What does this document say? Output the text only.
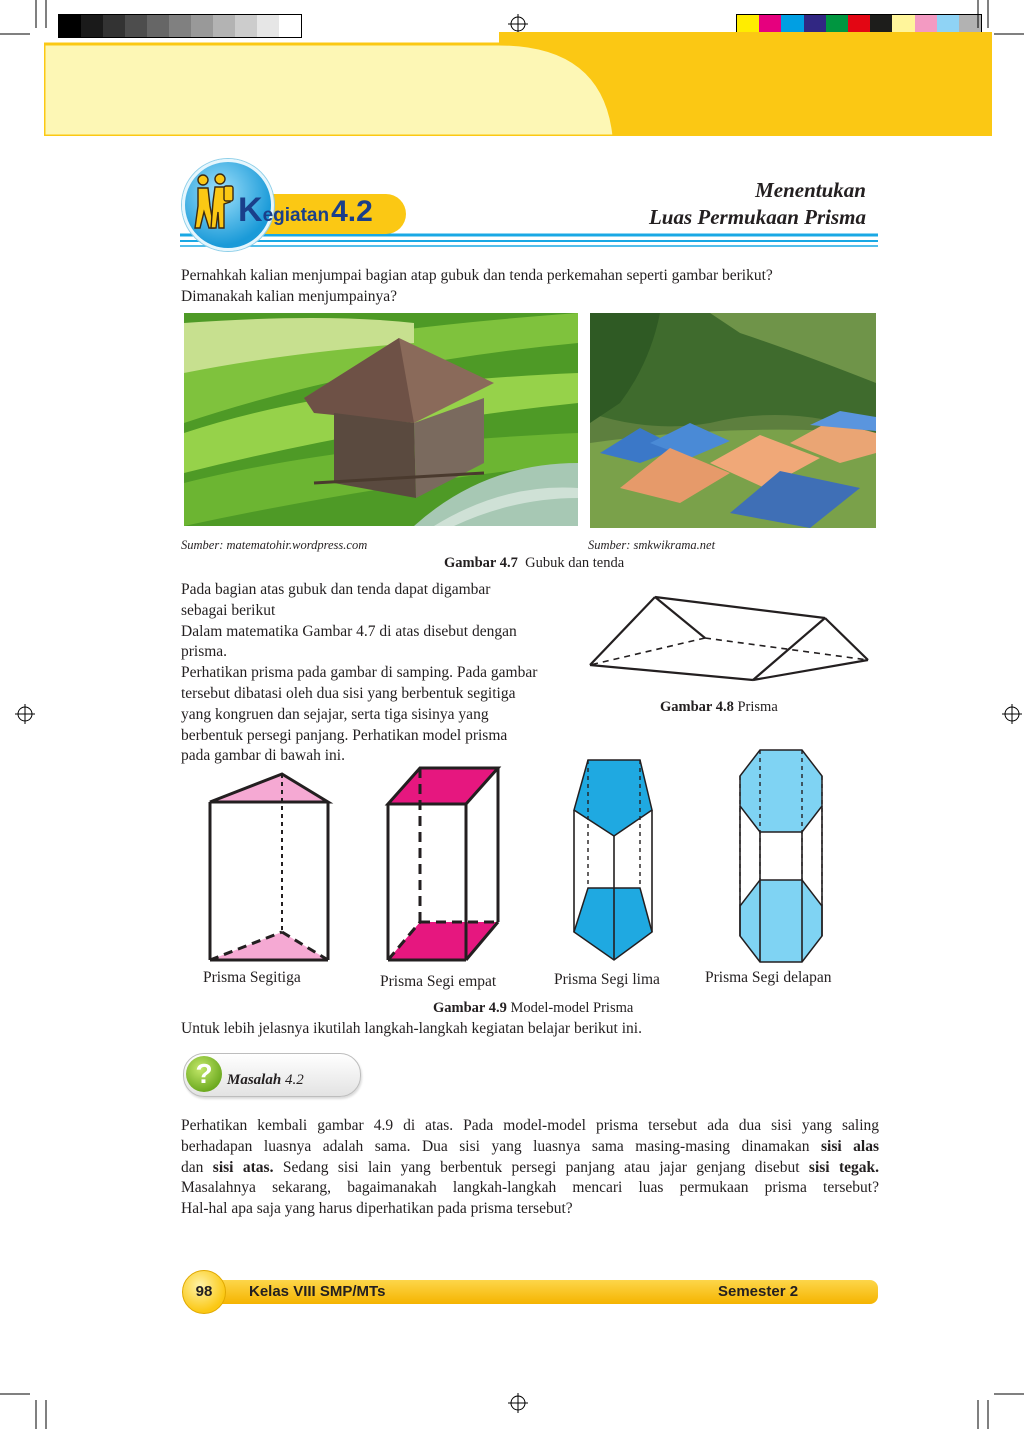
Kegiatan4.2
Menentukan
Luas Permukaan Prisma
Pernahkah kalian menjumpai bagian atap gubuk dan tenda perkemahan seperti gambar berikut?
Dimanakah kalian menjumpainya?
Sumber: matematohir.wordpress.com	Sumber: smkwikrama.net
Gambar 4.7 Gubuk dan tenda
Pada bagian atas gubuk dan tenda dapat digambar
sebagai berikut
Dalam matematika Gambar 4.7 di atas disebut dengan
prisma.
Perhatikan prisma pada gambar di samping. Pada gambar
tersebut dibatasi oleh dua sisi yang berbentuk segitiga
yang kongruen dan sejajar, serta tiga sisinya yang
berbentuk persegi panjang. Perhatikan model prisma
pada gambar di bawah ini.
Gambar 4.8 Prisma
Prisma Segitiga	Prisma Segi empat	Prisma Segi lima	Prisma Segi delapan
Gambar 4.9 Model-model Prisma
Untuk lebih jelasnya ikutilah langkah-langkah kegiatan belajar berikut ini.
? Masalah 4.2
Perhatikan kembali gambar 4.9 di atas. Pada model-model prisma tersebut ada dua sisi yang saling
berhadapan luasnya adalah sama. Dua sisi yang luasnya sama masing-masing dinamakan sisi alas
dan sisi atas. Sedang sisi lain yang berbentuk persegi panjang atau jajar genjang disebut sisi tegak.
Masalahnya sekarang, bagaimanakah langkah-langkah mencari luas permukaan prisma tersebut?
Hal-hal apa saja yang harus diperhatikan pada prisma tersebut?
98	Kelas VIII SMP/MTs	Semester 2
